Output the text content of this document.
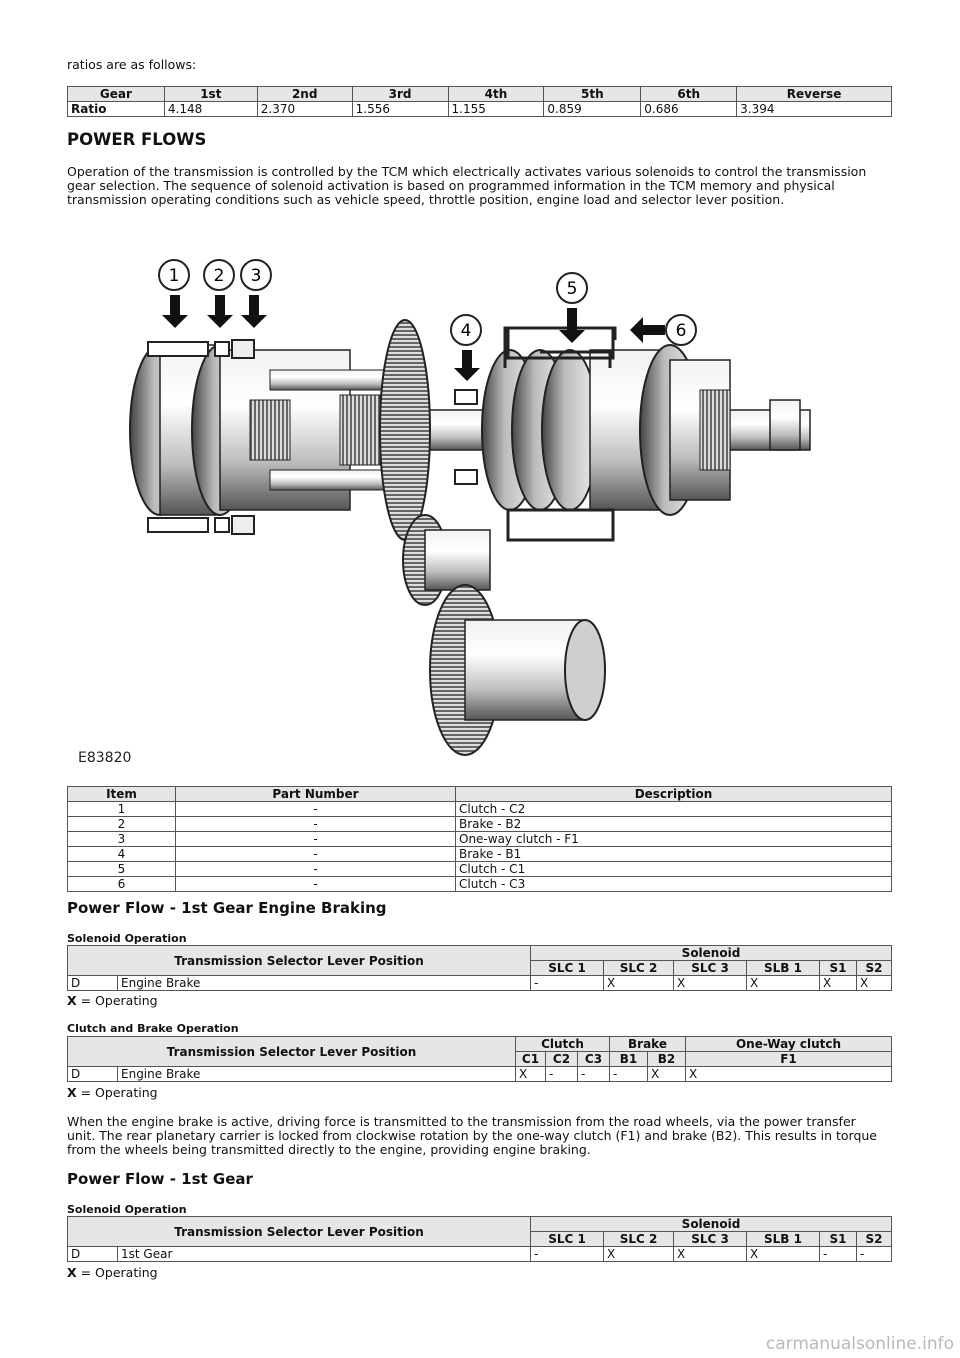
ratios are as follows:

Gear	1st	2nd	3rd	4th	5th	6th	Reverse
Ratio	4.148	2.370	1.556	1.155	0.859	0.686	3.394
POWER FLOWS

Operation of the transmission is controlled by the TCM which electrically activates various solenoids to control the transmission gear selection. The sequence of solenoid activation is based on programmed information in the TCM memory and physical transmission operating conditions such as vehicle speed, throttle position, engine load and selector lever position.

1 2 3
4
5
6
E83820
Item	Part Number	Description
1	-	Clutch - C2
2	-	Brake - B2
3	-	One-way clutch - F1
4	-	Brake - B1
5	-	Clutch - C1
6	-	Clutch - C3
Power Flow - 1st Gear Engine Braking
Solenoid Operation
Transmission Selector Lever Position		Solenoid					
		SLC 1	SLC 2	SLC 3	SLB 1	S1	S2
D	Engine Brake	-	X	X	X	X	X

X = Operating

Clutch and Brake Operation
Transmission Selector Lever Position		Clutch			Brake		One-Way clutch
		C1	C2	C3	B1	B2	F1
D	Engine Brake	X	-	-	-	X	X

X = Operating

When the engine brake is active, driving force is transmitted to the transmission from the road wheels, via the power transfer unit. The rear planetary carrier is locked from clockwise rotation by the one-way clutch (F1) and brake (B2). This results in torque from the wheels being transmitted directly to the engine, providing engine braking.

Power Flow - 1st Gear
Solenoid Operation
Transmission Selector Lever Position		Solenoid					
		SLC 1	SLC 2	SLC 3	SLB 1	S1	S2
D	1st Gear	-	X	X	X	-	-

X = Operating

carmanualsonline.info
